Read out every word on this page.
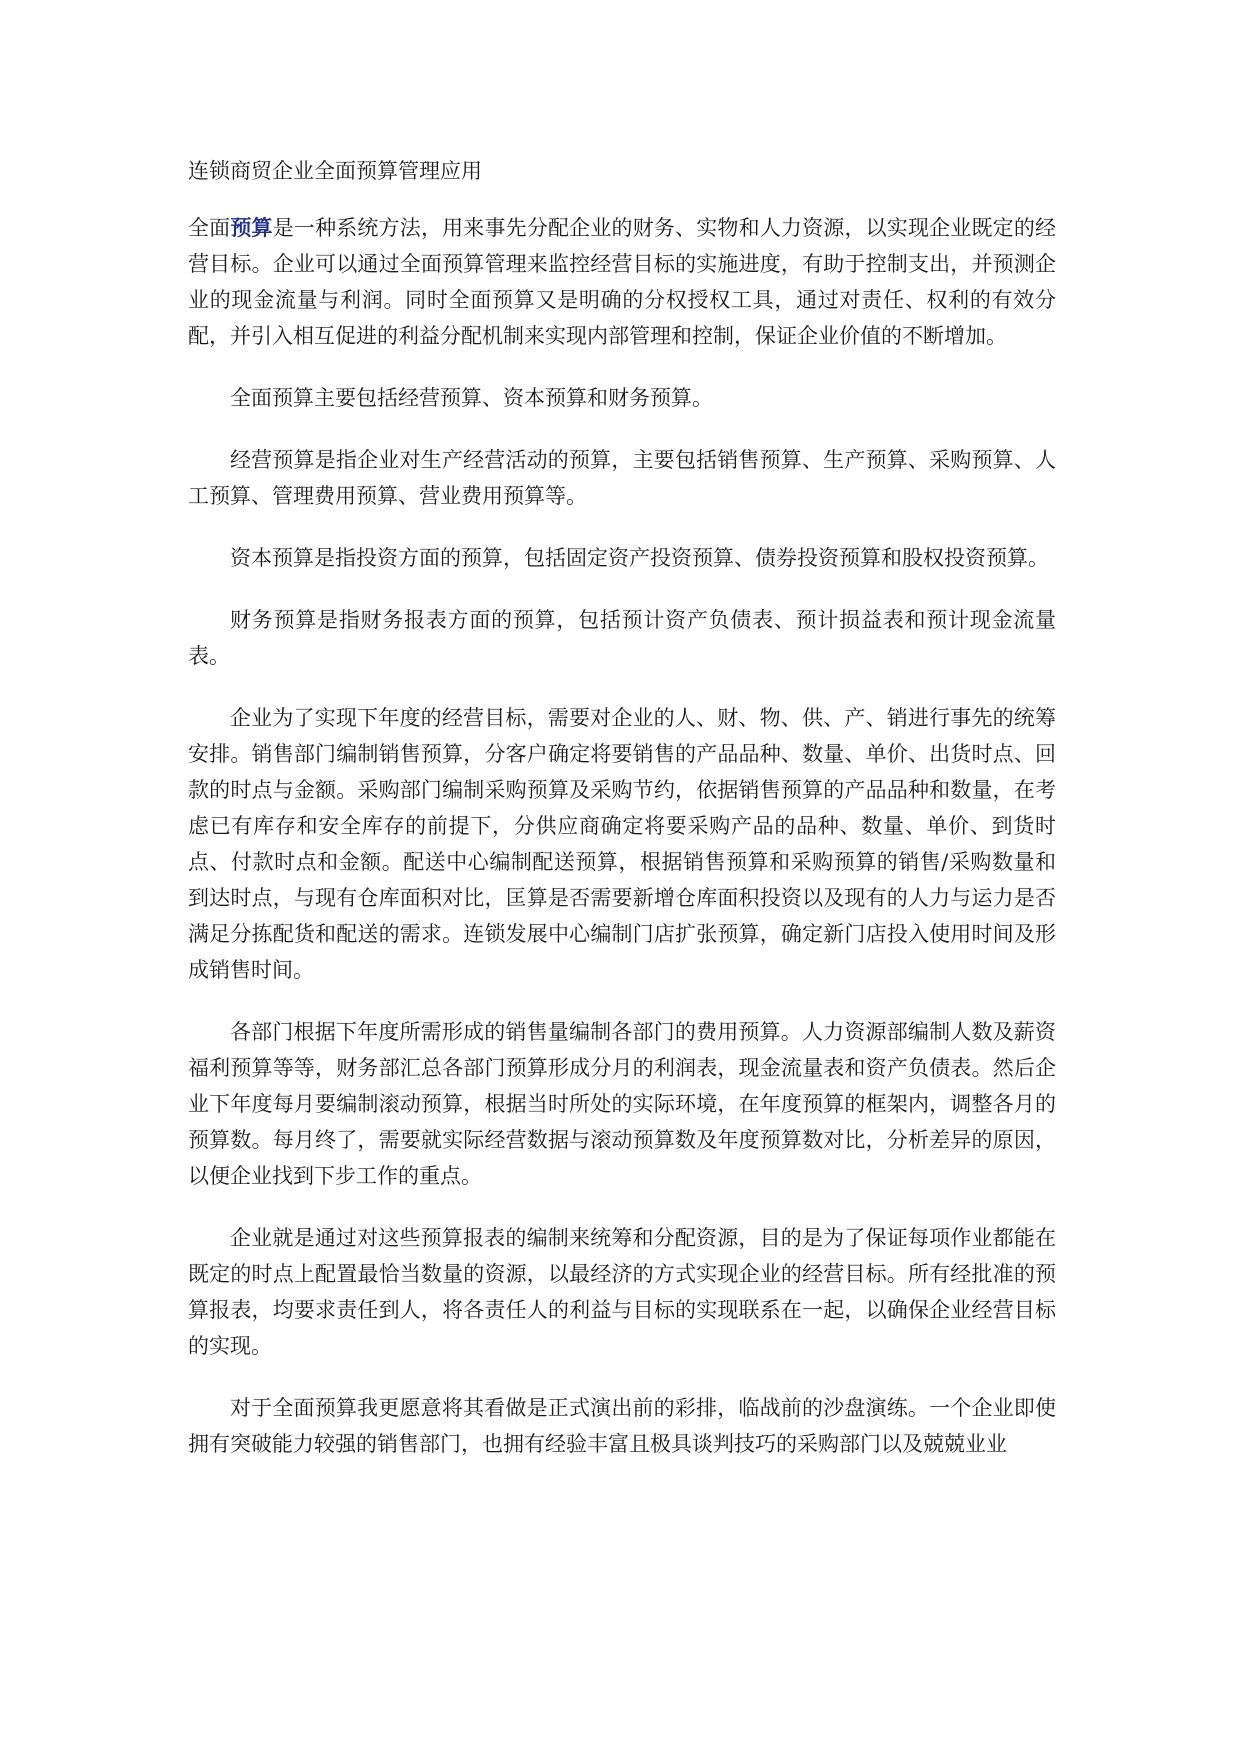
连锁商贸企业全面预算管理应用

全面预算是一种系统方法，用来事先分配企业的财务、实物和人力资源，以实现企业既定的经营目标。企业可以通过全面预算管理来监控经营目标的实施进度，有助于控制支出，并预测企业的现金流量与利润。同时全面预算又是明确的分权授权工具，通过对责任、权利的有效分配，并引入相互促进的利益分配机制来实现内部管理和控制，保证企业价值的不断增加。

全面预算主要包括经营预算、资本预算和财务预算。

经营预算是指企业对生产经营活动的预算，主要包括销售预算、生产预算、采购预算、人工预算、管理费用预算、营业费用预算等。

资本预算是指投资方面的预算，包括固定资产投资预算、债券投资预算和股权投资预算。

财务预算是指财务报表方面的预算，包括预计资产负债表、预计损益表和预计现金流量表。

企业为了实现下年度的经营目标，需要对企业的人、财、物、供、产、销进行事先的统筹安排。销售部门编制销售预算，分客户确定将要销售的产品品种、数量、单价、出货时点、回款的时点与金额。采购部门编制采购预算及采购节约，依据销售预算的产品品种和数量，在考虑已有库存和安全库存的前提下，分供应商确定将要采购产品的品种、数量、单价、到货时点、付款时点和金额。配送中心编制配送预算，根据销售预算和采购预算的销售/采购数量和到达时点，与现有仓库面积对比，匡算是否需要新增仓库面积投资以及现有的人力与运力是否满足分拣配货和配送的需求。连锁发展中心编制门店扩张预算，确定新门店投入使用时间及形成销售时间。

各部门根据下年度所需形成的销售量编制各部门的费用预算。人力资源部编制人数及薪资福利预算等等，财务部汇总各部门预算形成分月的利润表，现金流量表和资产负债表。然后企业下年度每月要编制滚动预算，根据当时所处的实际环境，在年度预算的框架内，调整各月的预算数。每月终了，需要就实际经营数据与滚动预算数及年度预算数对比，分析差异的原因，以便企业找到下步工作的重点。

企业就是通过对这些预算报表的编制来统筹和分配资源，目的是为了保证每项作业都能在既定的时点上配置最恰当数量的资源，以最经济的方式实现企业的经营目标。所有经批准的预算报表，均要求责任到人，将各责任人的利益与目标的实现联系在一起，以确保企业经营目标的实现。

对于全面预算我更愿意将其看做是正式演出前的彩排，临战前的沙盘演练。一个企业即使拥有突破能力较强的销售部门，也拥有经验丰富且极具谈判技巧的采购部门以及兢兢业业
